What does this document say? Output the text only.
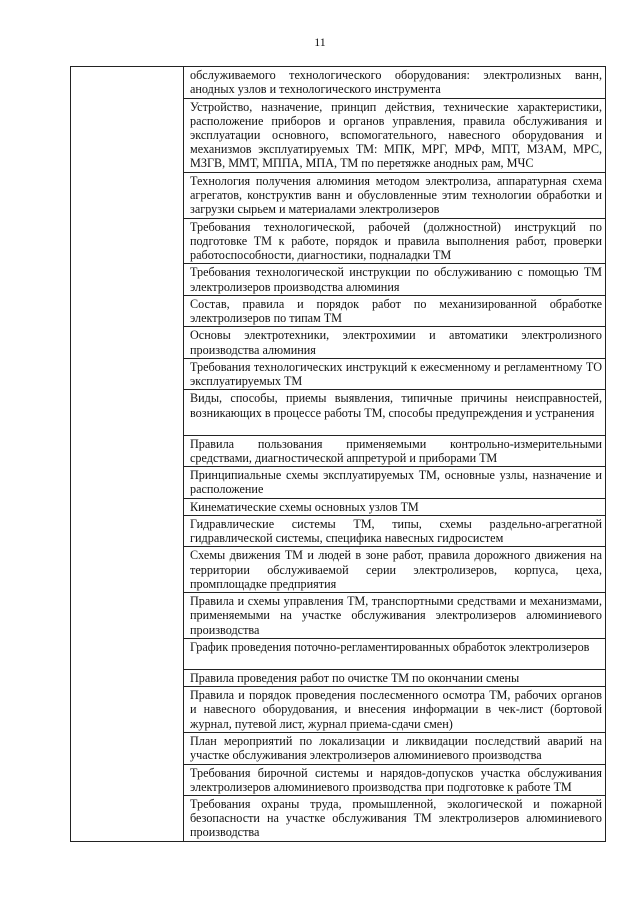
11

обслуживаемого технологического оборудования: электролизных ванн, анодных узлов и технологического инструмента

Устройство, назначение, принцип действия, технические характеристики, расположение приборов и органов управления, правила обслуживания и эксплуатации основного, вспомогательного, навесного оборудования и механизмов эксплуатируемых ТМ: МПК, МРГ, МРФ, МПТ, МЗАМ, МРС, МЗГВ, ММТ, МППА, МПА, ТМ по перетяжке анодных рам, МЧС

Технология получения алюминия методом электролиза, аппаратурная схема агрегатов, конструктив ванн и обусловленные этим технологии обработки и загрузки сырьем и материалами электролизеров

Требования технологической, рабочей (должностной) инструкций по подготовке ТМ к работе, порядок и правила выполнения работ, проверки работоспособности, диагностики, подналадки ТМ

Требования технологической инструкции по обслуживанию с помощью ТМ электролизеров производства алюминия

Состав, правила и порядок работ по механизированной обработке электролизеров по типам ТМ

Основы электротехники, электрохимии и автоматики электролизного производства алюминия

Требования технологических инструкций к ежесменному и регламентному ТО эксплуатируемых ТМ

Виды, способы, приемы выявления, типичные причины неисправностей, возникающих в процессе работы ТМ, способы предупреждения и устранения

Правила пользования применяемыми контрольно-измерительными средствами, диагностической аппретурой и приборами ТМ

Принципиальные схемы эксплуатируемых ТМ, основные узлы, назначение и расположение

Кинематические схемы основных узлов ТМ

Гидравлические системы ТМ, типы, схемы раздельно-агрегатной гидравлической системы, специфика навесных гидросистем

Схемы движения ТМ и людей в зоне работ, правила дорожного движения на территории обслуживаемой серии электролизеров, корпуса, цеха, промплощадке предприятия

Правила и схемы управления ТМ, транспортными средствами и механизмами, применяемыми на участке обслуживания электролизеров алюминиевого производства

График проведения поточно-регламентированных обработок электролизеров

Правила проведения работ по очистке ТМ по окончании смены

Правила и порядок проведения послесменного осмотра ТМ, рабочих органов и навесного оборудования, и внесения информации в чек-лист (бортовой журнал, путевой лист, журнал приема-сдачи смен)

План мероприятий по локализации и ликвидации последствий аварий на участке обслуживания электролизеров алюминиевого производства

Требования бирочной системы и нарядов-допусков участка обслуживания электролизеров алюминиевого производства при подготовке к работе ТМ

Требования охраны труда, промышленной, экологической и пожарной безопасности на участке обслуживания ТМ электролизеров алюминиевого производства
